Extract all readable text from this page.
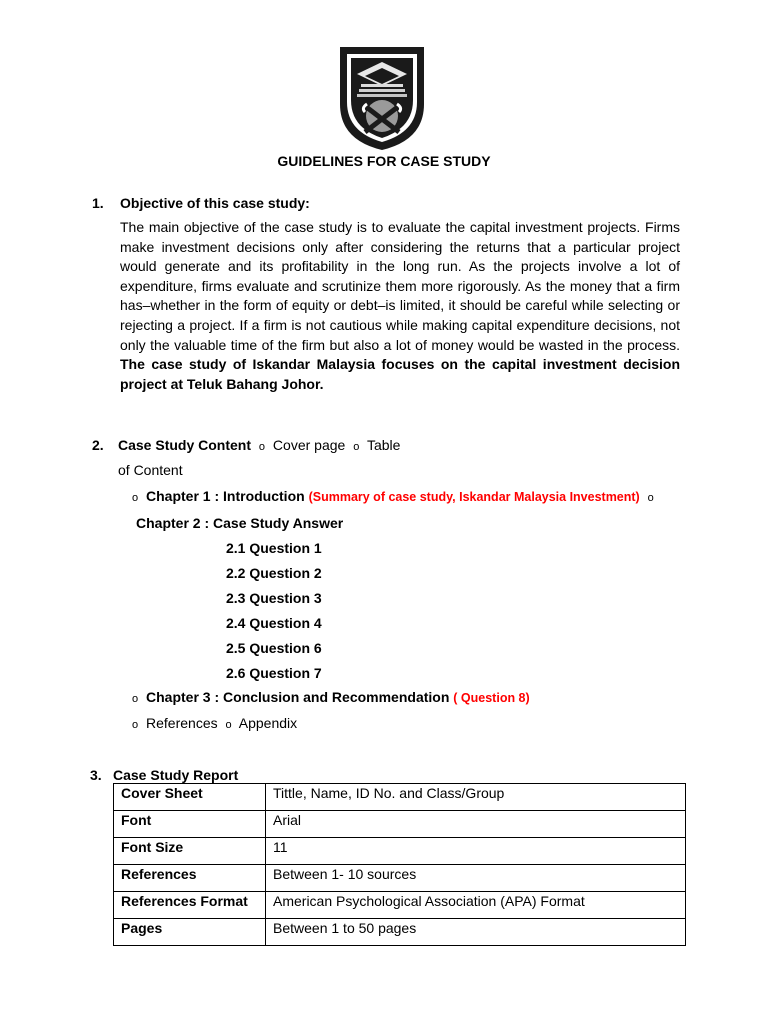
GUIDELINES FOR CASE STUDY
1. Objective of this case study:
The main objective of the case study is to evaluate the capital investment projects. Firms make investment decisions only after considering the returns that a particular project would generate and its profitability in the long run. As the projects involve a lot of expenditure, firms evaluate and scrutinize them more rigorously. As the money that a firm has–whether in the form of equity or debt–is limited, it should be careful while selecting or rejecting a project. If a firm is not cautious while making capital expenditure decisions, not only the valuable time of the firm but also a lot of money would be wasted in the process. The case study of Iskandar Malaysia focuses on the capital investment decision project at Teluk Bahang Johor.
2. Case Study Content o Cover page o Table
of Content
o Chapter 1 : Introduction (Summary of case study, Iskandar Malaysia Investment) o
Chapter 2 : Case Study Answer
2.1 Question 1
2.2 Question 2
2.3 Question 3
2.4 Question 4
2.5 Question 6
2.6 Question 7
o Chapter 3 : Conclusion and Recommendation ( Question 8)
o References o Appendix
3. Case Study Report
Cover Sheet	Tittle, Name, ID No. and Class/Group
Font	Arial
Font Size	11
References	Between 1- 10 sources
References Format	American Psychological Association (APA) Format
Pages	Between 1 to 50 pages
